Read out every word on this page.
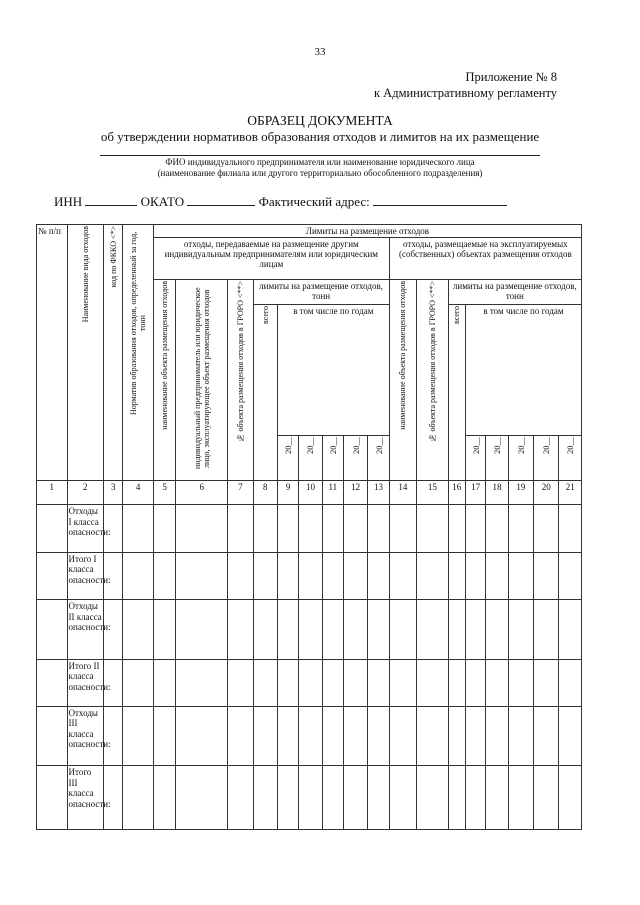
33
Приложение № 8
к Административному регламенту
ОБРАЗЕЦ ДОКУМЕНТА
об утверждении нормативов образования отходов и лимитов на их размещение
ФИО индивидуального предпринимателя или наименование юридического лица
(наименование филиала или другого территориально обособленного подразделения)
ИНН	ОКАТО	Фактический адрес:
№ п/п	Наименование вида отходов	код по ФККО <*>	Норматив образования отходов, определенный за год, тонн	Лимиты на размещение отходов																
				отходы, передаваемые на размещение другим индивидуальным предпринимателям или юридическим лицам									отходы, размещаемые на эксплуатируемых (собственных) объектах размещения отходов							

				наименование объекта размещения отходов	индивидуальный предприниматель или юридическое лицо, эксплуатирующее объект размещения отходов	№ объекта размещения отходов в ГРОРО <**>	лимиты на размещение отходов, тонн						наименование объекта размещения отходов	№ объекта размещения отходов в ГРОРО <**>	лимиты на размещение отходов, тонн					

							всего	в том числе по годам							всего	в том числе по годам				

								20__	20__	20__	20__	20__				20__	20__	20__	20__	20__

1	2	3	4	5	6	7	8	9	10	11	12	13	14	15	16	17	18	19	20	21
	Отходы I класса опасности:																			
	Итого I класса опасности:																			
	Отходы II класса опасности:																			
	Итого II класса опасности:																			
	Отходы III класса опасности:																			
	Итого III класса опасности:																			
